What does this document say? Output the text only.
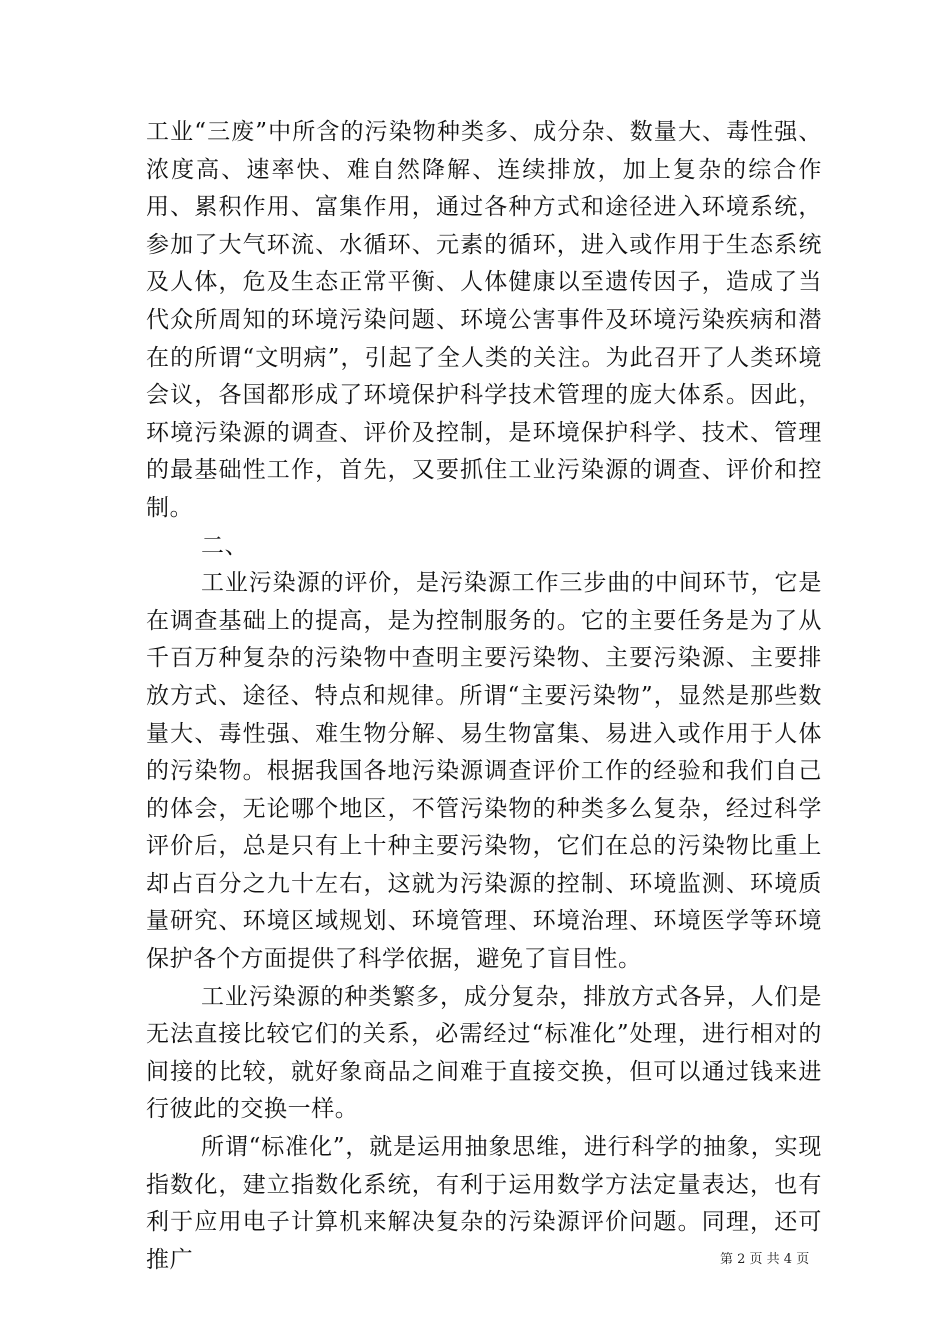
工业“三废”中所含的污染物种类多、成分杂、数量大、毒性强、浓度高、速率快、难自然降解、连续排放，加上复杂的综合作用、累积作用、富集作用，通过各种方式和途径进入环境系统，参加了大气环流、水循环、元素的循环，进入或作用于生态系统及人体，危及生态正常平衡、人体健康以至遗传因子，造成了当代众所周知的环境污染问题、环境公害事件及环境污染疾病和潜在的所谓“文明病”，引起了全人类的关注。为此召开了人类环境会议，各国都形成了环境保护科学技术管理的庞大体系。因此，环境污染源的调查、评价及控制，是环境保护科学、技术、管理的最基础性工作，首先，又要抓住工业污染源的调查、评价和控制。

二、

工业污染源的评价，是污染源工作三步曲的中间环节，它是在调查基础上的提高，是为控制服务的。它的主要任务是为了从千百万种复杂的污染物中查明主要污染物、主要污染源、主要排放方式、途径、特点和规律。所谓“主要污染物”，显然是那些数量大、毒性强、难生物分解、易生物富集、易进入或作用于人体的污染物。根据我国各地污染源调查评价工作的经验和我们自己的体会，无论哪个地区，不管污染物的种类多么复杂，经过科学评价后，总是只有上十种主要污染物，它们在总的污染物比重上却占百分之九十左右，这就为污染源的控制、环境监测、环境质量研究、环境区域规划、环境管理、环境治理、环境医学等环境保护各个方面提供了科学依据，避免了盲目性。

工业污染源的种类繁多，成分复杂，排放方式各异，人们是无法直接比较它们的关系，必需经过“标准化”处理，进行相对的间接的比较，就好象商品之间难于直接交换，但可以通过钱来进行彼此的交换一样。

所谓“标准化”，就是运用抽象思维，进行科学的抽象，实现指数化，建立指数化系统，有利于运用数学方法定量表达，也有利于应用电子计算机来解决复杂的污染源评价问题。同理，还可推广	第 2 页 共 4 页
